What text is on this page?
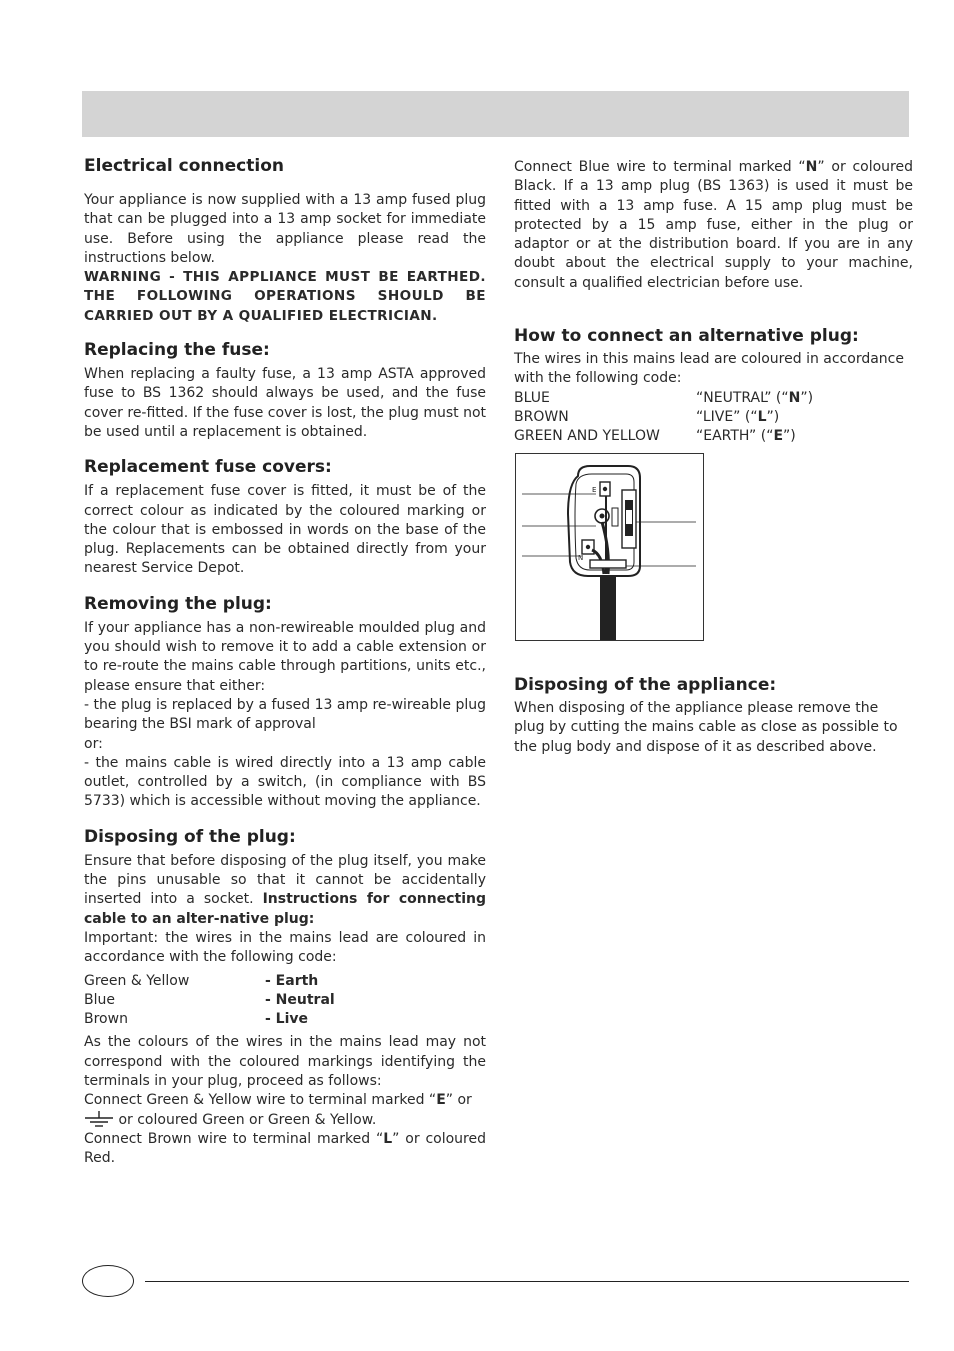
Electrical connection

Your appliance is now supplied with a 13 amp fused plug that can be plugged into a 13 amp socket for immediate use. Before using the appliance please read the instructions below.

WARNING - THIS APPLIANCE MUST BE EARTHED. THE FOLLOWING OPERATIONS SHOULD BE CARRIED OUT BY A QUALIFIED ELECTRICIAN.

Replacing the fuse:

When replacing a faulty fuse, a 13 amp ASTA approved fuse to BS 1362 should always be used, and the fuse cover re-fitted. If the fuse cover is lost, the plug must not be used until a replacement is obtained.

Replacement fuse covers:

If a replacement fuse cover is fitted, it must be of the correct colour as indicated by the coloured marking or the colour that is embossed in words on the base of the plug. Replacements can be obtained directly from your nearest Service Depot.

Removing the plug:

If your appliance has a non-rewireable moulded plug and you should wish to remove it to add a cable extension or to re-route the mains cable through partitions, units etc., please ensure that either:

- the plug is replaced by a fused 13 amp re-wireable plug bearing the BSI mark of approval

or:

- the mains cable is wired directly into a 13 amp cable outlet, controlled by a switch, (in compliance with BS 5733) which is accessible without moving the appliance.

Disposing of the plug:

Ensure that before disposing of the plug itself, you make the pins unusable so that it cannot be accidentally inserted into a socket. Instructions for connecting cable to an alter-native plug:

Important: the wires in the mains lead are coloured in accordance with the following code:

Green & Yellow	- Earth
Blue	- Neutral
Brown	- Live

As the colours of the wires in the mains lead may not correspond with the coloured markings identifying the terminals in your plug, proceed as follows:

Connect Green & Yellow wire to terminal marked “E” or

or coloured Green or Green & Yellow.

Connect Brown wire to terminal marked “L” or coloured Red.

Connect Blue wire to terminal marked “N” or coloured Black. If a 13 amp plug (BS 1363) is used it must be fitted with a 13 amp fuse. A 15 amp plug must be protected by a 15 amp fuse, either in the plug or adaptor or at the distribution board. If you are in any doubt about the electrical supply to your machine, consult a qualified electrician before use.

How to connect an alternative plug:

The wires in this mains lead are coloured in accordance with the following code:

BLUE	“NEUTRAL” (“N”)
BROWN	“LIVE” (“L”)
GREEN AND YELLOW	“EARTH” (“E”)
E
N
Disposing of the appliance:

When disposing of the appliance please remove the plug by cutting the mains cable as close as possible to the plug body and dispose of it as described above.
